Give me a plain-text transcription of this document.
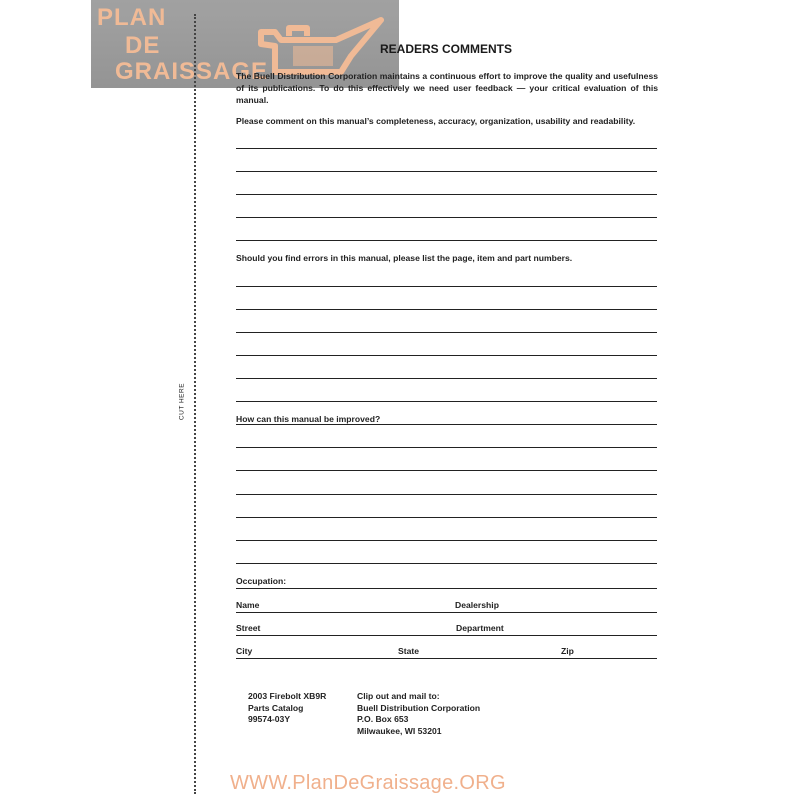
PLAN
DE
GRAISSAGE
CUT HERE
READERS COMMENTS
The Buell Distribution Corporation maintains a continuous effort to improve the quality and usefulness of its publications. To do this effectively we need user feedback — your critical evaluation of this manual.
Please comment on this manual’s completeness, accuracy, organization, usability and readability.
Should you find errors in this manual, please list the page, item and part numbers.
How can this manual be improved?
Occupation:
Name	Dealership
Street	Department
City	State	Zip
2003 Firebolt XB9R
Parts Catalog
99574-03Y
Clip out and mail to:
Buell Distribution Corporation
P.O. Box 653
Milwaukee, WI 53201
WWW.PlanDeGraissage.ORG
